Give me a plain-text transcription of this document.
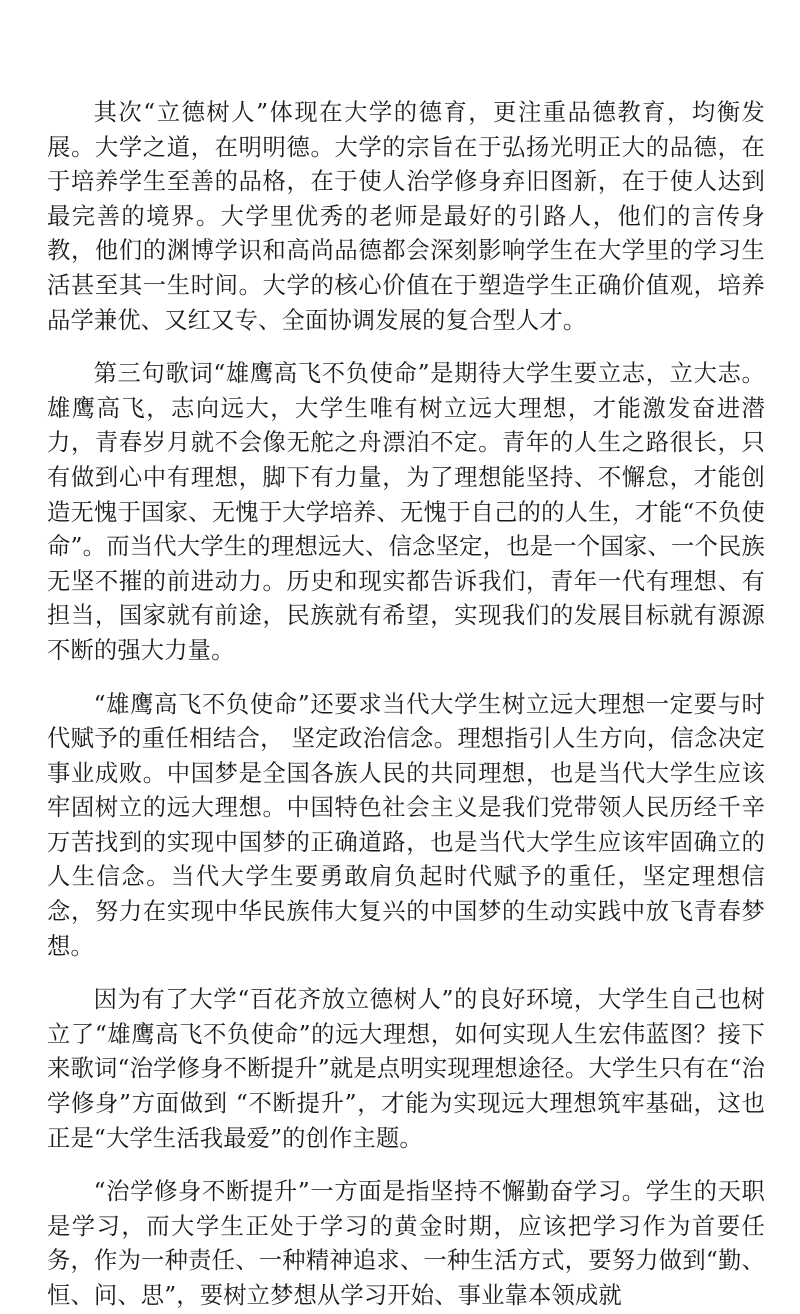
其次“立德树人”体现在大学的德育，更注重品德教育，均衡发展。大学之道，在明明德。大学的宗旨在于弘扬光明正大的品德，在于培养学生至善的品格，在于使人治学修身弃旧图新，在于使人达到最完善的境界。大学里优秀的老师是最好的引路人，他们的言传身教，他们的渊博学识和高尚品德都会深刻影响学生在大学里的学习生活甚至其一生时间。大学的核心价值在于塑造学生正确价值观，培养品学兼优、又红又专、全面协调发展的复合型人才。

第三句歌词“雄鹰高飞不负使命”是期待大学生要立志，立大志。雄鹰高飞，志向远大，大学生唯有树立远大理想，才能激发奋进潜力，青春岁月就不会像无舵之舟漂泊不定。青年的人生之路很长，只有做到心中有理想，脚下有力量，为了理想能坚持、不懈怠，才能创造无愧于国家、无愧于大学培养、无愧于自己的的人生，才能“不负使命”。而当代大学生的理想远大、信念坚定，也是一个国家、一个民族无坚不摧的前进动力。历史和现实都告诉我们，青年一代有理想、有担当，国家就有前途，民族就有希望，实现我们的发展目标就有源源不断的强大力量。

“雄鹰高飞不负使命”还要求当代大学生树立远大理想一定要与时代赋予的重任相结合， 坚定政治信念。理想指引人生方向，信念决定事业成败。中国梦是全国各族人民的共同理想，也是当代大学生应该牢固树立的远大理想。中国特色社会主义是我们党带领人民历经千辛万苦找到的实现中国梦的正确道路，也是当代大学生应该牢固确立的人生信念。当代大学生要勇敢肩负起时代赋予的重任，坚定理想信念，努力在实现中华民族伟大复兴的中国梦的生动实践中放飞青春梦想。

因为有了大学“百花齐放立德树人”的良好环境，大学生自己也树立了“雄鹰高飞不负使命”的远大理想，如何实现人生宏伟蓝图？接下来歌词“治学修身不断提升”就是点明实现理想途径。大学生只有在“治学修身”方面做到 “不断提升”，才能为实现远大理想筑牢基础，这也正是“大学生活我最爱”的创作主题。

“治学修身不断提升”一方面是指坚持不懈勤奋学习。学生的天职是学习，而大学生正处于学习的黄金时期，应该把学习作为首要任务，作为一种责任、一种精神追求、一种生活方式，要努力做到“勤、恒、问、思”，要树立梦想从学习开始、事业靠本领成就
